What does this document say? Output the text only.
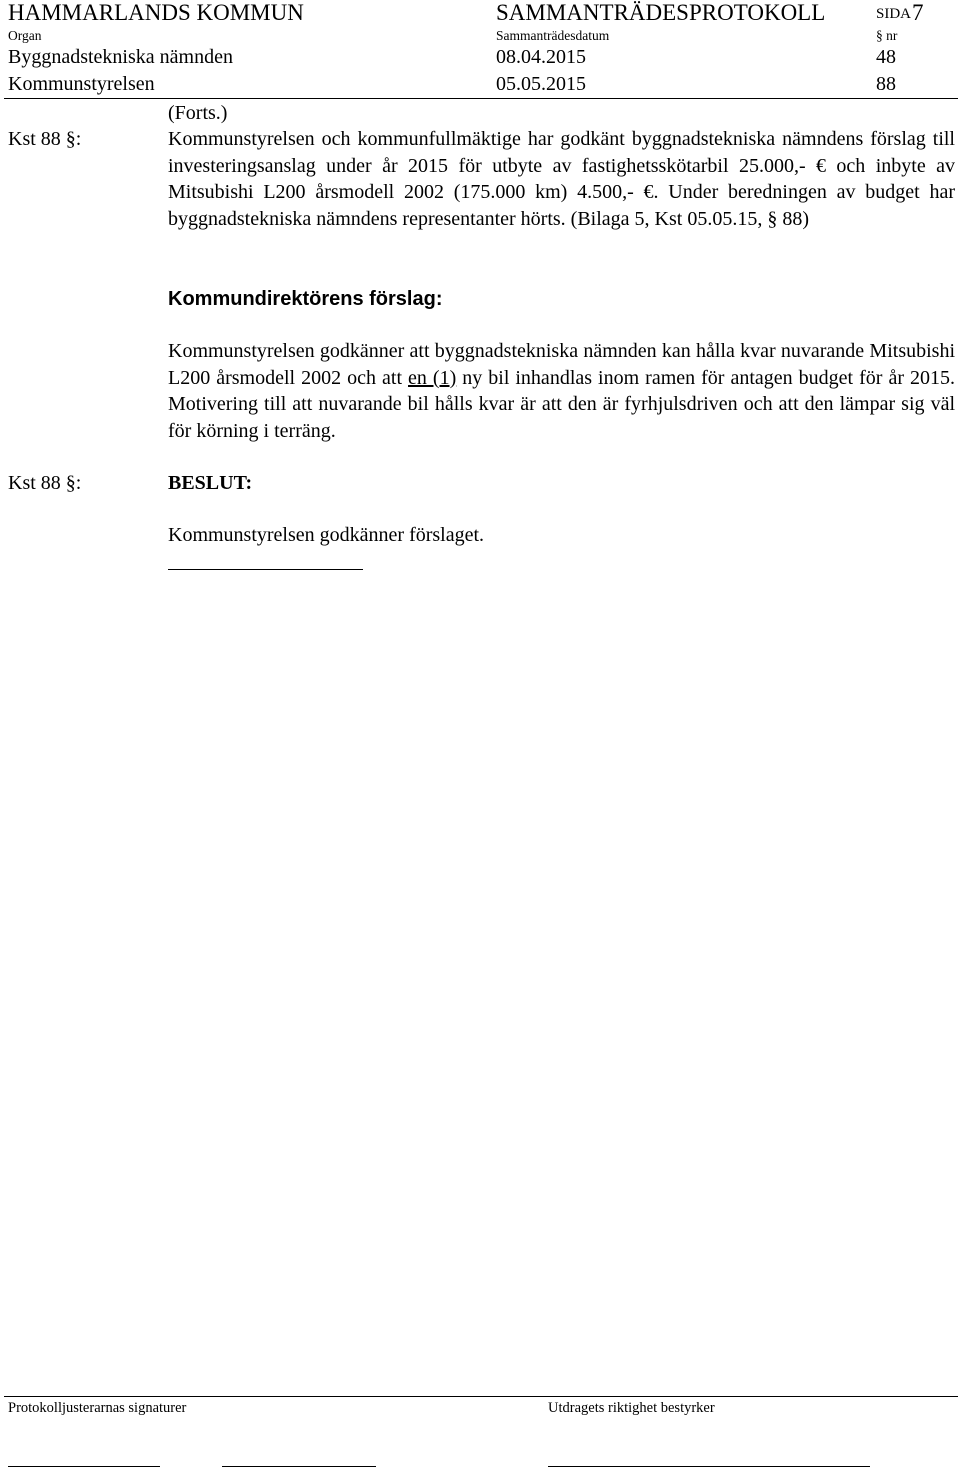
HAMMARLANDS KOMMUN	SAMMANTRÄDESPROTOKOLL	SIDA 7
Organ	Sammanträdesdatum	§ nr
Byggnadstekniska nämnden	08.04.2015	48
Kommunstyrelsen	05.05.2015	88
(Forts.)
Kst 88 §:	Kommunstyrelsen och kommunfullmäktige har godkänt byggnadstekniska nämndens förslag till investeringsanslag under år 2015 för utbyte av fastighetsskötarbil 25.000,- € och inbyte av Mitsubishi L200 årsmodell 2002 (175.000 km) 4.500,- €. Under beredningen av budget har byggnadstekniska nämndens representanter hörts. (Bilaga 5, Kst 05.05.15, § 88)
Kommundirektörens förslag:
Kommunstyrelsen godkänner att byggnadstekniska nämnden kan hålla kvar nuvarande Mitsubishi L200 årsmodell 2002 och att en (1) ny bil inhandlas inom ramen för antagen budget för år 2015. Motivering till att nuvarande bil hålls kvar är att den är fyrhjulsdriven och att den lämpar sig väl för körning i terräng.
Kst 88 §:	BESLUT:
Kommunstyrelsen godkänner förslaget.
Protokolljusterarnas signaturer	Utdragets riktighet bestyrker
